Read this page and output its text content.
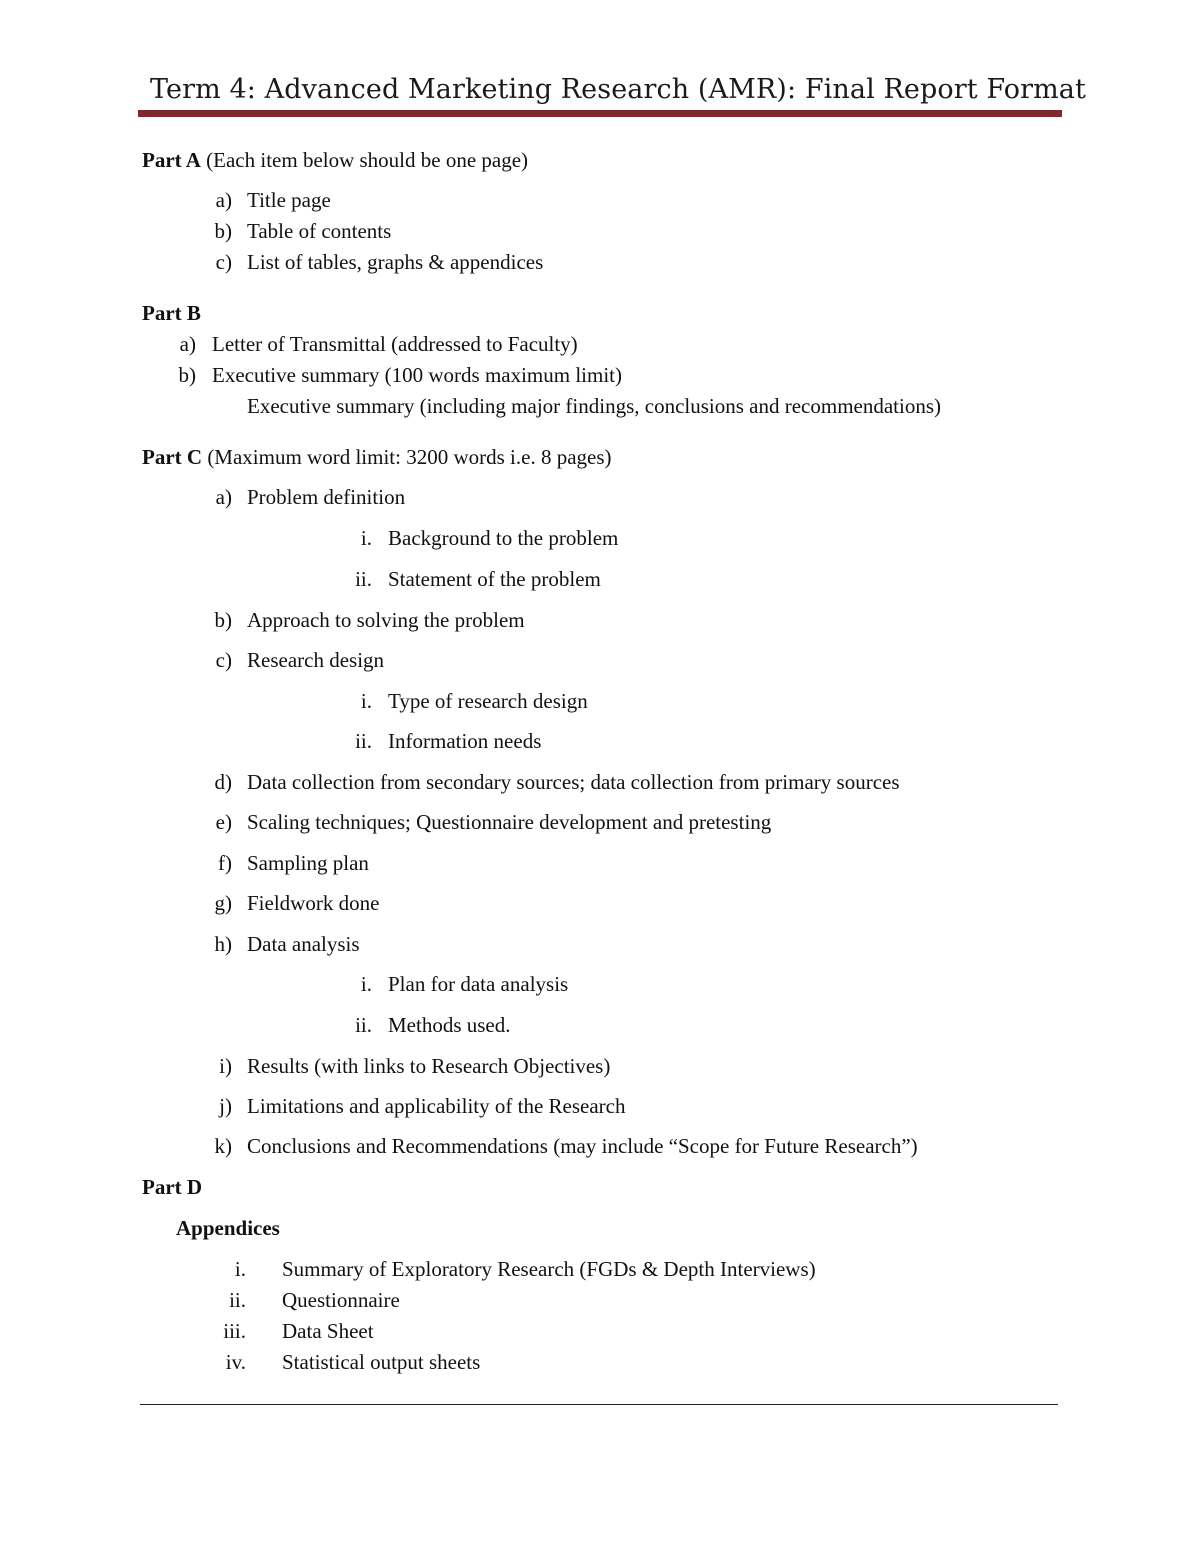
Term 4: Advanced Marketing Research (AMR): Final Report Format
Part A (Each item below should be one page)
a) Title page
b) Table of contents
c) List of tables, graphs & appendices
Part B
a) Letter of Transmittal (addressed to Faculty)
b) Executive summary (100 words maximum limit)
Executive summary (including major findings, conclusions and recommendations)
Part C (Maximum word limit: 3200 words i.e. 8 pages)
a) Problem definition
i. Background to the problem
ii. Statement of the problem
b) Approach to solving the problem
c) Research design
i. Type of research design
ii. Information needs
d) Data collection from secondary sources; data collection from primary sources
e) Scaling techniques; Questionnaire development and pretesting
f) Sampling plan
g) Fieldwork done
h) Data analysis
i. Plan for data analysis
ii. Methods used.
i) Results (with links to Research Objectives)
j) Limitations and applicability of the Research
k) Conclusions and Recommendations (may include “Scope for Future Research”)
Part D
Appendices
i. Summary of Exploratory Research (FGDs & Depth Interviews)
ii. Questionnaire
iii. Data Sheet
iv. Statistical output sheets
